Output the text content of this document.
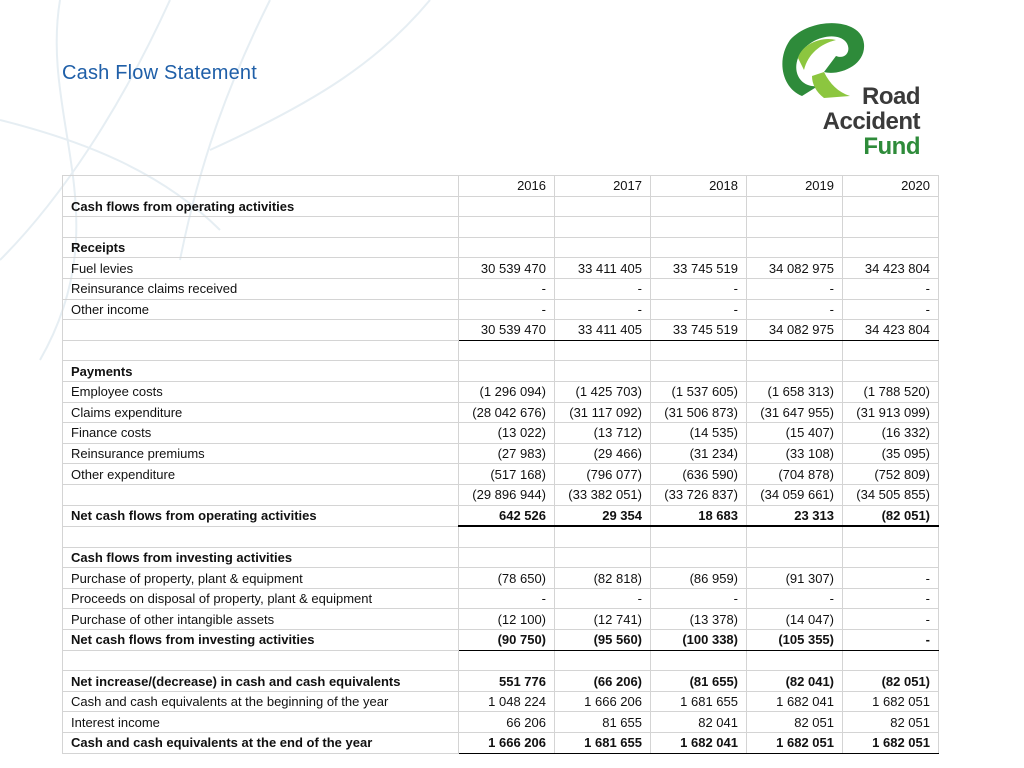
Cash Flow Statement
Road
Accident
Fund
	2016	2017	2018	2019	2020
Cash flows from operating activities					

Receipts					
Fuel levies	30 539 470	33 411 405	33 745 519	34 082 975	34 423 804
Reinsurance claims received	-	-	-	-	-
Other income	-	-	-	-	-
	30 539 470	33 411 405	33 745 519	34 082 975	34 423 804

Payments					
Employee costs	(1 296 094)	(1 425 703)	(1 537 605)	(1 658 313)	(1 788 520)
Claims expenditure	(28 042 676)	(31 117 092)	(31 506 873)	(31 647 955)	(31 913 099)
Finance costs	(13 022)	(13 712)	(14 535)	(15 407)	(16 332)
Reinsurance premiums	(27 983)	(29 466)	(31 234)	(33 108)	(35 095)
Other expenditure	(517 168)	(796 077)	(636 590)	(704 878)	(752 809)
	(29 896 944)	(33 382 051)	(33 726 837)	(34 059 661)	(34 505 855)
Net cash flows from operating activities	642 526	29 354	18 683	23 313	(82 051)

Cash flows from investing activities					
Purchase of property, plant & equipment	(78 650)	(82 818)	(86 959)	(91 307)	-
Proceeds on disposal of property, plant & equipment	-	-	-	-	-
Purchase of other intangible assets	(12 100)	(12 741)	(13 378)	(14 047)	-
Net cash flows from investing activities	(90 750)	(95 560)	(100 338)	(105 355)	-

Net increase/(decrease) in cash and cash equivalents	551 776	(66 206)	(81 655)	(82 041)	(82 051)
Cash and cash equivalents at the beginning of the year	1 048 224	1 666 206	1 681 655	1 682 041	1 682 051
Interest income	66 206	81 655	82 041	82 051	82 051
Cash and cash equivalents at the end of the year	1 666 206	1 681 655	1 682 041	1 682 051	1 682 051
